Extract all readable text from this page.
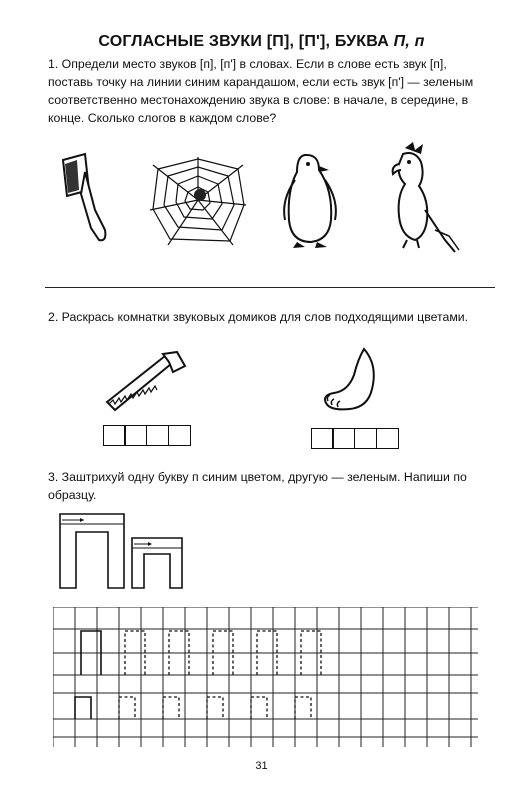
СОГЛАСНЫЕ ЗВУКИ [П], [П'], БУКВА П, п
1. Определи место звуков [п], [п'] в словах. Если в слове есть звук [п], поставь точку на линии синим карандашом, если есть звук [п'] — зеленым соответственно местонахождению звука в слове: в начале, в середине, в конце. Сколько слогов в каждом слове?
2. Раскрась комнатки звуковых домиков для слов подходящими цветами.
3. Заштрихуй одну букву п синим цветом, другую — зеленым. Напиши по образцу.
31
